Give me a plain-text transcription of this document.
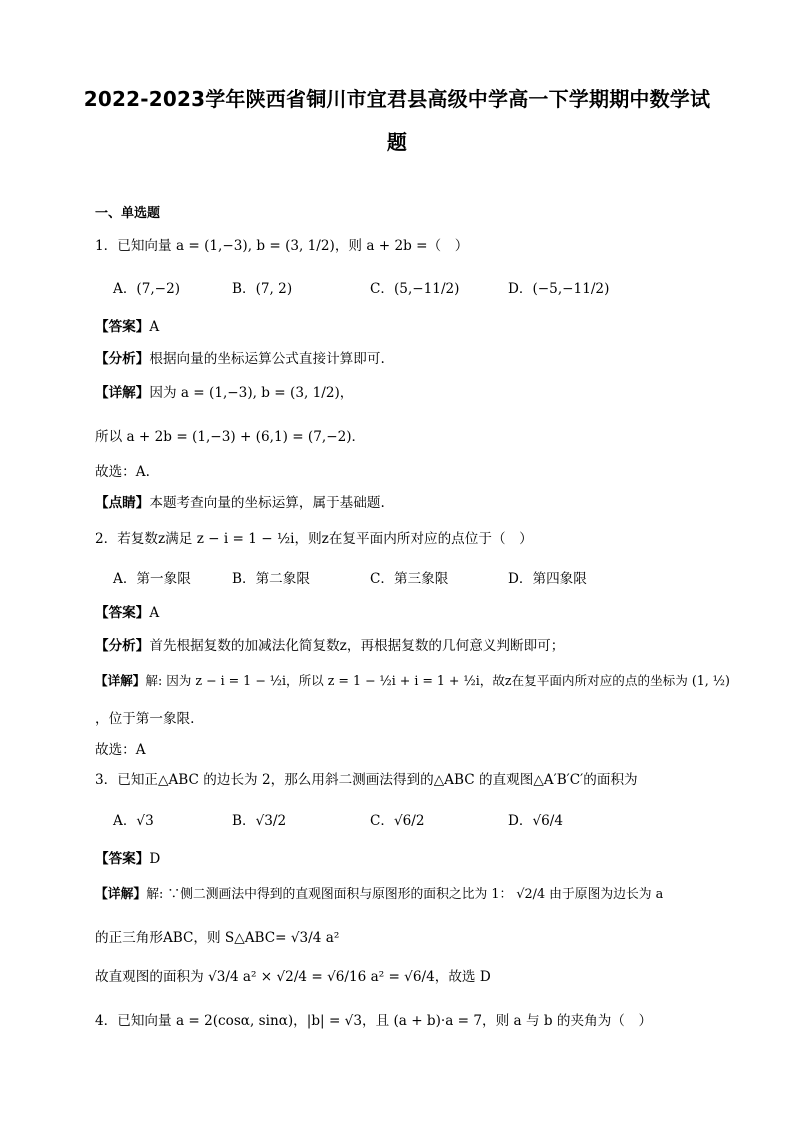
2022-2023学年陕西省铜川市宜君县高级中学高一下学期期中数学试
题
一、单选题
1．已知向量 a = (1,−3), b = (3, 1/2)，则 a + 2b =（　）
A．(7,−2)	B．(7, 2)	C．(5,−11/2)	D．(−5,−11/2)
【答案】A
【分析】根据向量的坐标运算公式直接计算即可.
【详解】因为 a = (1,−3), b = (3, 1/2)，
所以 a + 2b = (1,−3) + (6,1) = (7,−2)．
故选：A.
【点睛】本题考查向量的坐标运算，属于基础题.
2．若复数z满足 z − i = 1 − ½i，则z在复平面内所对应的点位于（　）
A．第一象限	B．第二象限	C．第三象限	D．第四象限
【答案】A
【分析】首先根据复数的加减法化简复数z，再根据复数的几何意义判断即可；
【详解】解: 因为 z − i = 1 − ½i，所以 z = 1 − ½i + i = 1 + ½i，故z在复平面内所对应的点的坐标为 (1, ½)
，位于第一象限.
故选：A
3．已知正△ABC 的边长为 2，那么用斜二测画法得到的△ABC 的直观图△A′B′C′的面积为
A．√3	B．√3/2	C．√6/2	D．√6/4
【答案】D
【详解】解: ∵侧二测画法中得到的直观图面积与原图形的面积之比为 1： √2/4 由于原图为边长为 a
的正三角形ABC，则 S△ABC= √3/4 a²
故直观图的面积为 √3/4 a² × √2/4 = √6/16 a² = √6/4，故选 D
4．已知向量 a = 2(cosα, sinα)，|b| = √3，且 (a + b)·a = 7，则 a 与 b 的夹角为（　）
